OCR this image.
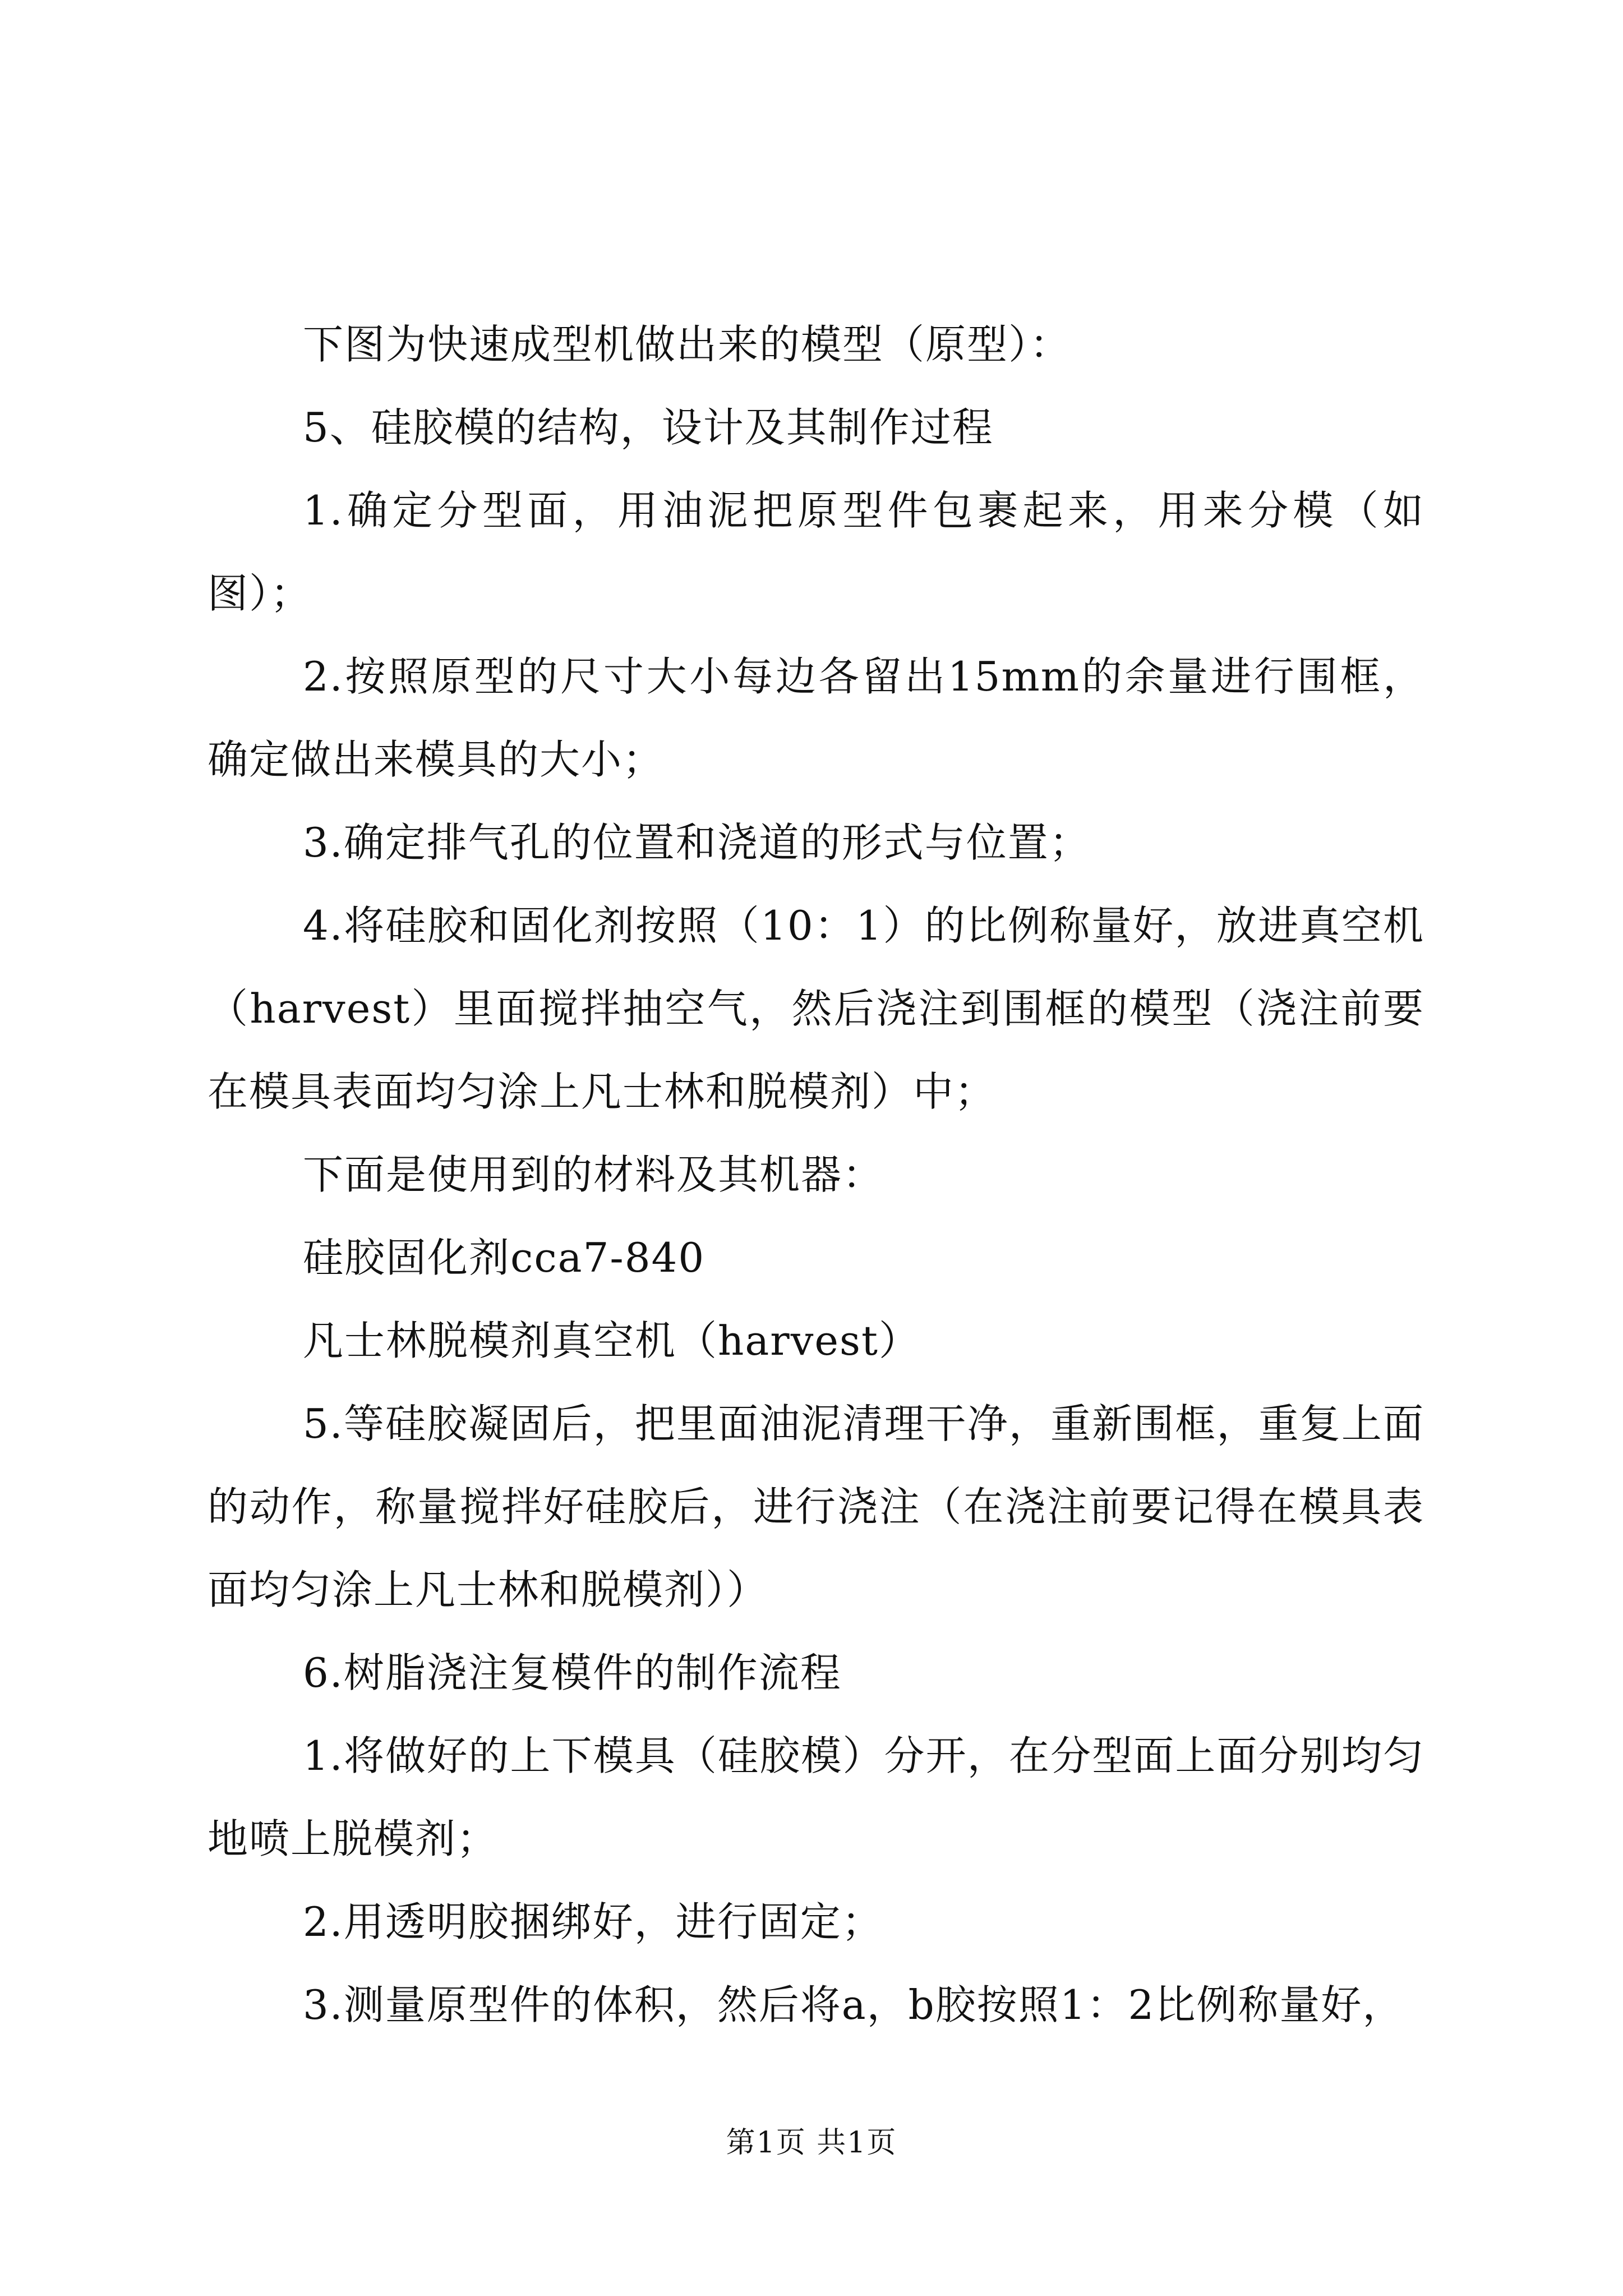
下图为快速成型机做出来的模型（原型）：

5、硅胶模的结构，设计及其制作过程

1.确定分型面，用油泥把原型件包裹起来，用来分模（如图）；

2.按照原型的尺寸大小每边各留出15mm的余量进行围框，确定做出来模具的大小；

3.确定排气孔的位置和浇道的形式与位置；

4.将硅胶和固化剂按照（10：1）的比例称量好，放进真空机（harvest）里面搅拌抽空气，然后浇注到围框的模型（浇注前要在模具表面均匀涂上凡士林和脱模剂）中；

下面是使用到的材料及其机器：

硅胶固化剂cca7-840

凡士林脱模剂真空机（harvest）

5.等硅胶凝固后，把里面油泥清理干净，重新围框，重复上面的动作，称量搅拌好硅胶后，进行浇注（在浇注前要记得在模具表面均匀涂上凡士林和脱模剂））

6.树脂浇注复模件的制作流程

1.将做好的上下模具（硅胶模）分开，在分型面上面分别均匀地喷上脱模剂；

2.用透明胶捆绑好，进行固定；

3.测量原型件的体积，然后将a，b胶按照1：2比例称量好，

第1页 共1页
